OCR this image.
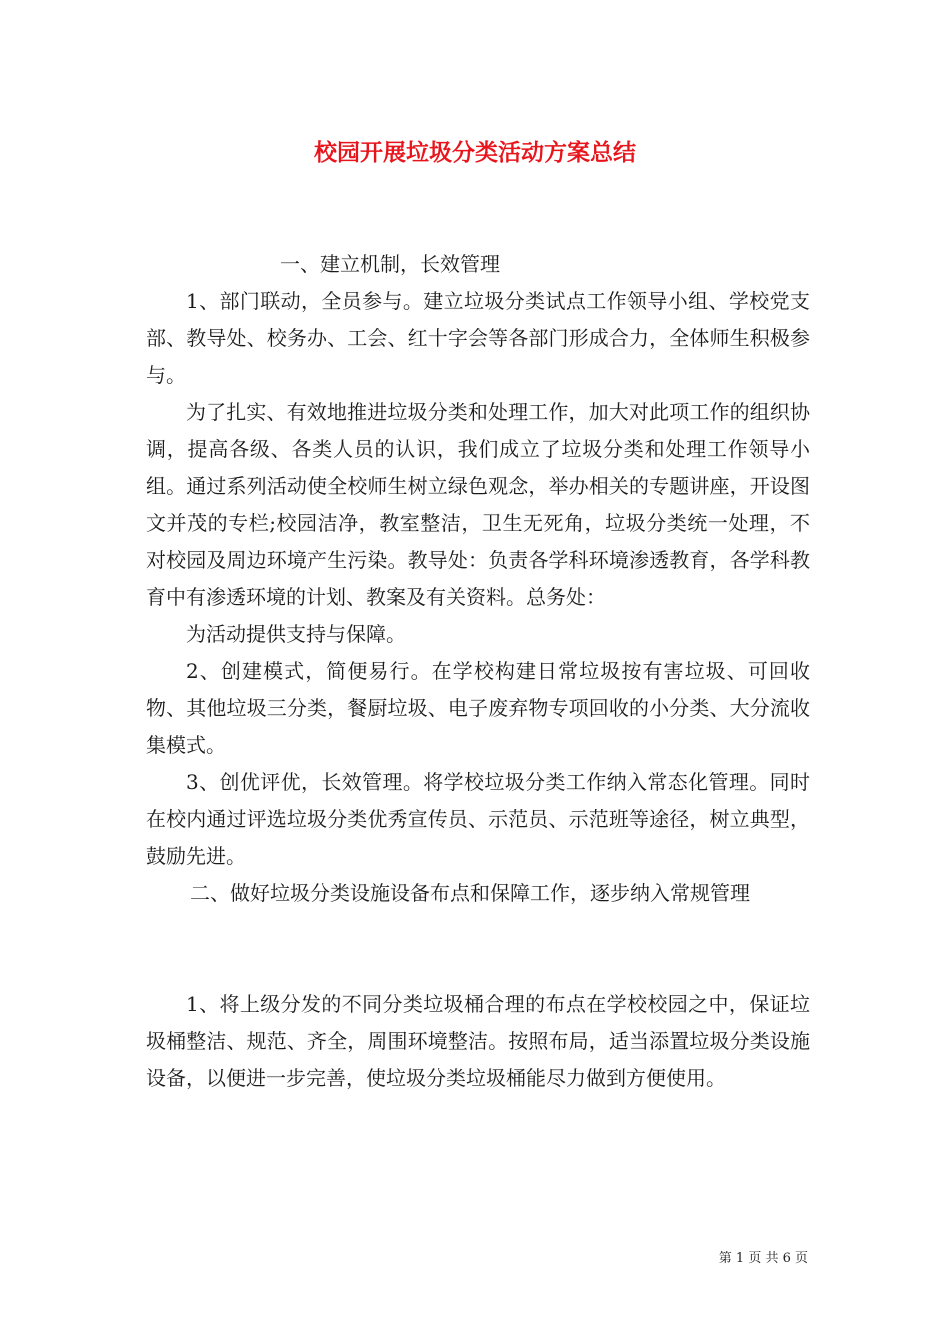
校园开展垃圾分类活动方案总结

一、建立机制，长效管理

1、部门联动，全员参与。建立垃圾分类试点工作领导小组、学校党支部、教导处、校务办、工会、红十字会等各部门形成合力，全体师生积极参与。

为了扎实、有效地推进垃圾分类和处理工作，加大对此项工作的组织协调，提高各级、各类人员的认识，我们成立了垃圾分类和处理工作领导小组。通过系列活动使全校师生树立绿色观念，举办相关的专题讲座，开设图文并茂的专栏;校园洁净，教室整洁，卫生无死角，垃圾分类统一处理，不对校园及周边环境产生污染。教导处：负责各学科环境渗透教育，各学科教育中有渗透环境的计划、教案及有关资料。总务处：

为活动提供支持与保障。

2、创建模式，简便易行。在学校构建日常垃圾按有害垃圾、可回收物、其他垃圾三分类，餐厨垃圾、电子废弃物专项回收的小分类、大分流收集模式。

3、创优评优，长效管理。将学校垃圾分类工作纳入常态化管理。同时在校内通过评选垃圾分类优秀宣传员、示范员、示范班等途径，树立典型，鼓励先进。

二、做好垃圾分类设施设备布点和保障工作，逐步纳入常规管理

1、将上级分发的不同分类垃圾桶合理的布点在学校校园之中，保证垃圾桶整洁、规范、齐全，周围环境整洁。按照布局，适当添置垃圾分类设施设备，以便进一步完善，使垃圾分类垃圾桶能尽力做到方便使用。

第 1 页 共 6 页
